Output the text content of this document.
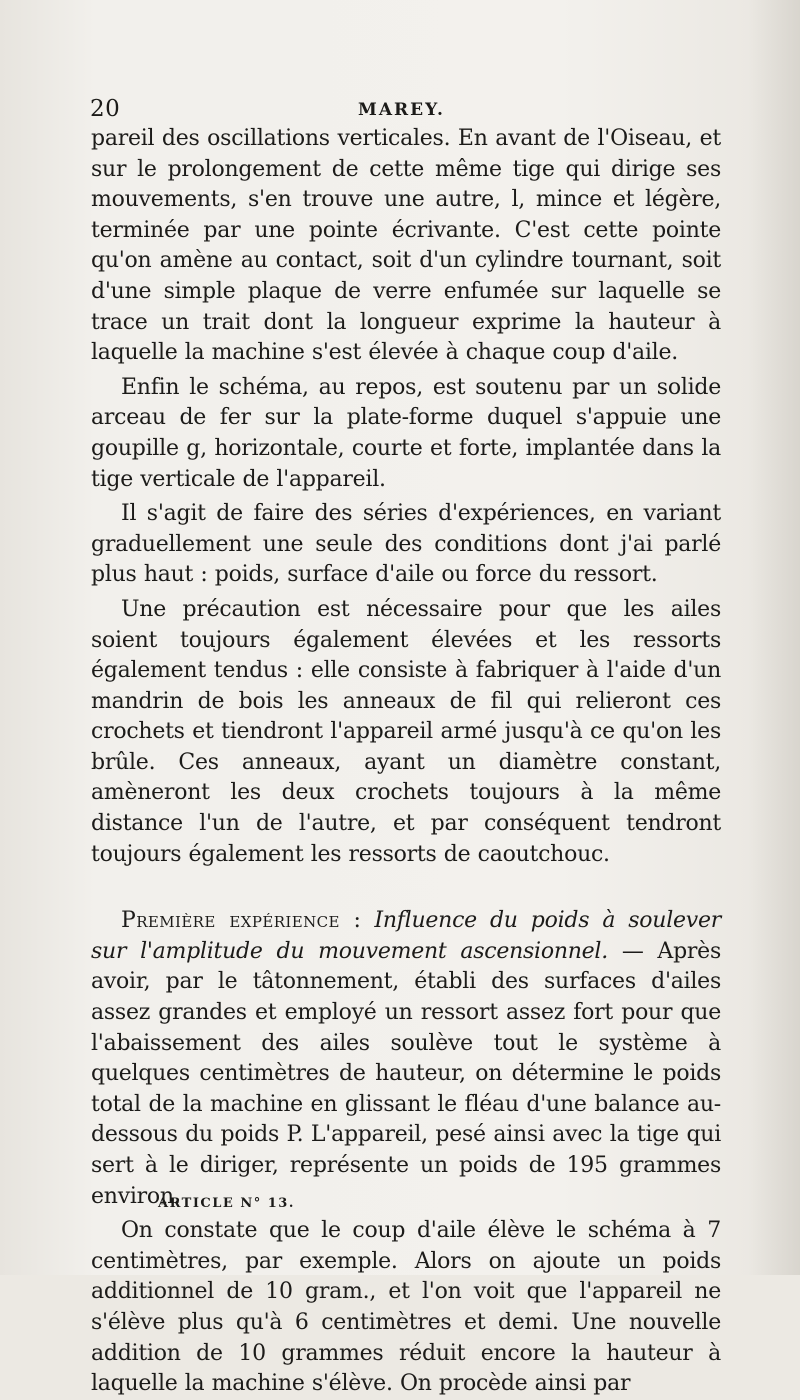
20	MAREY.

pareil des oscillations verticales. En avant de l'Oiseau, et sur le prolongement de cette même tige qui dirige ses mouvements, s'en trouve une autre, l, mince et légère, terminée par une pointe écrivante. C'est cette pointe qu'on amène au contact, soit d'un cylindre tournant, soit d'une simple plaque de verre enfumée sur laquelle se trace un trait dont la longueur exprime la hauteur à laquelle la machine s'est élevée à chaque coup d'aile.

Enfin le schéma, au repos, est soutenu par un solide arceau de fer sur la plate-forme duquel s'appuie une goupille g, horizontale, courte et forte, implantée dans la tige verticale de l'appareil.

Il s'agit de faire des séries d'expériences, en variant graduellement une seule des conditions dont j'ai parlé plus haut : poids, surface d'aile ou force du ressort.

Une précaution est nécessaire pour que les ailes soient toujours également élevées et les ressorts également tendus : elle consiste à fabriquer à l'aide d'un mandrin de bois les anneaux de fil qui relieront ces crochets et tiendront l'appareil armé jusqu'à ce qu'on les brûle. Ces anneaux, ayant un diamètre constant, amèneront les deux crochets toujours à la même distance l'un de l'autre, et par conséquent tendront toujours également les ressorts de caoutchouc.

Première expérience : Influence du poids à soulever sur l'amplitude du mouvement ascensionnel. — Après avoir, par le tâtonnement, établi des surfaces d'ailes assez grandes et employé un ressort assez fort pour que l'abaissement des ailes soulève tout le système à quelques centimètres de hauteur, on détermine le poids total de la machine en glissant le fléau d'une balance au-dessous du poids P. L'appareil, pesé ainsi avec la tige qui sert à le diriger, représente un poids de 195 grammes environ.

On constate que le coup d'aile élève le schéma à 7 centimètres, par exemple. Alors on ajoute un poids additionnel de 10 gram., et l'on voit que l'appareil ne s'élève plus qu'à 6 centimètres et demi. Une nouvelle addition de 10 grammes réduit encore la hauteur à laquelle la machine s'élève. On procède ainsi par

ARTICLE N° 13.
